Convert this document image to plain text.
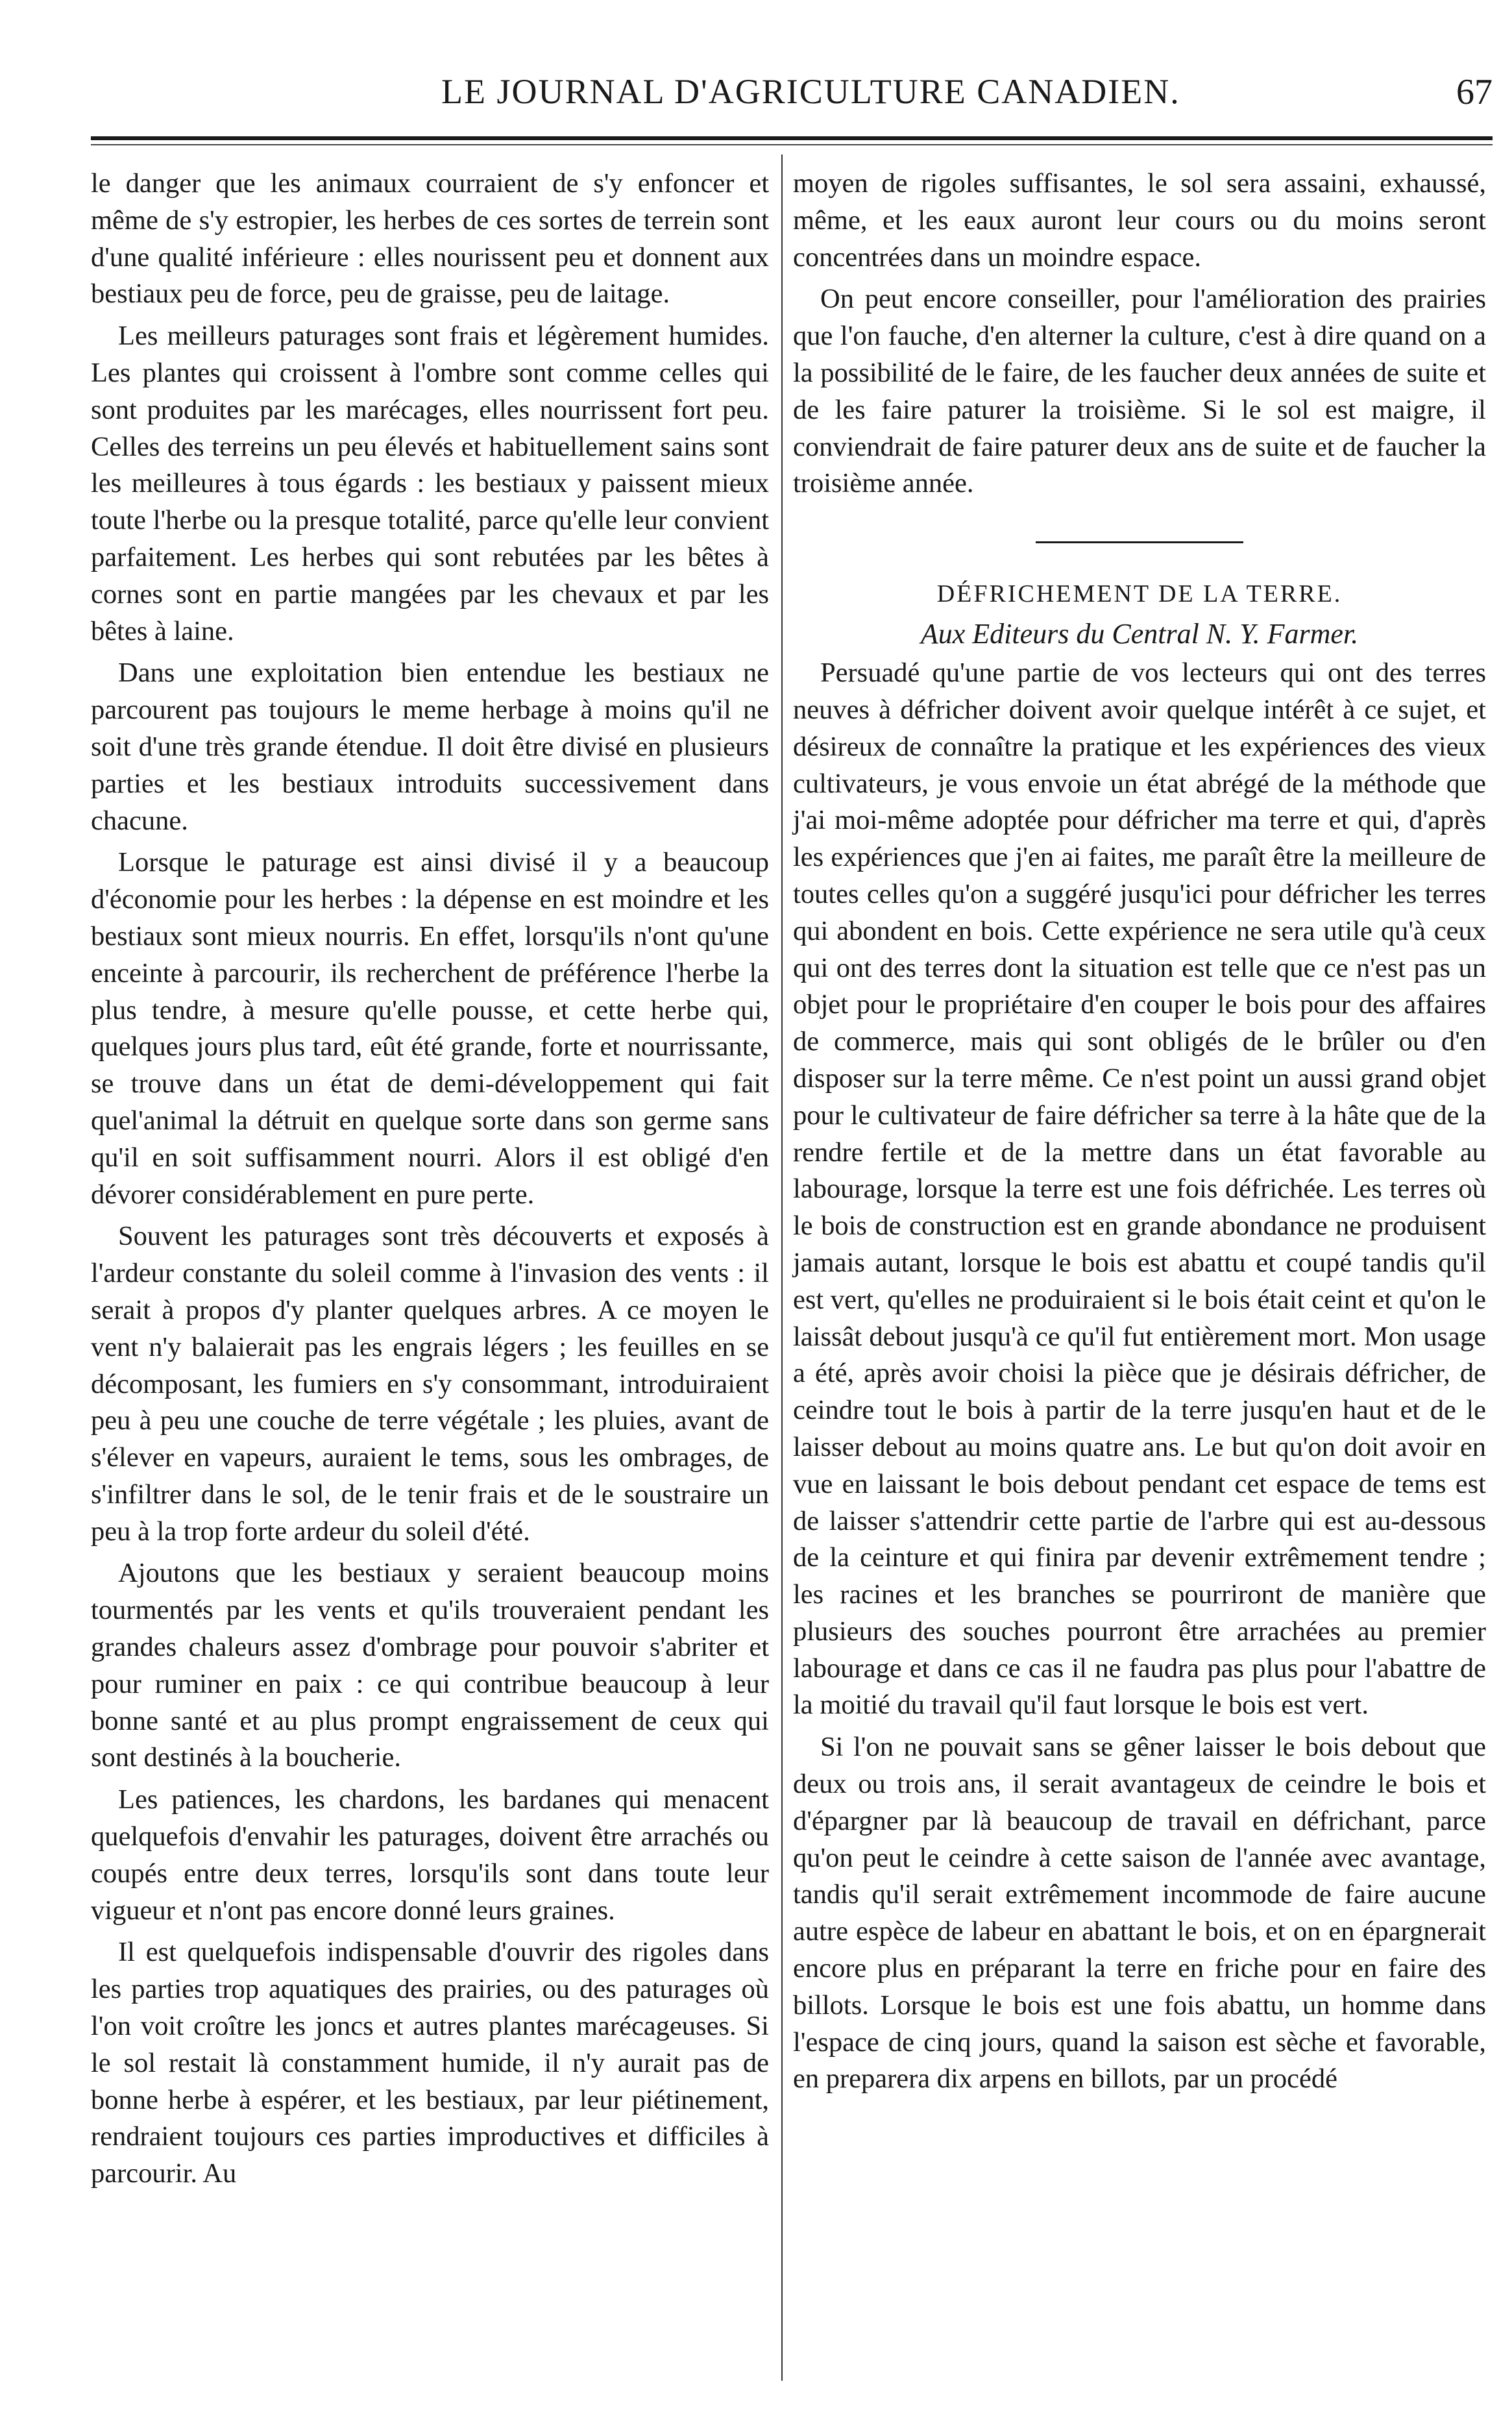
LE JOURNAL D'AGRICULTURE CANADIEN.	67

le danger que les animaux courraient de s'y enfoncer et même de s'y estropier, les herbes de ces sortes de terrein sont d'une qualité inférieure : elles nourissent peu et donnent aux bestiaux peu de force, peu de graisse, peu de laitage.

Les meilleurs paturages sont frais et légèrement humides. Les plantes qui croissent à l'ombre sont comme celles qui sont produites par les marécages, elles nourrissent fort peu. Celles des terreins un peu élevés et habituellement sains sont les meilleures à tous égards : les bestiaux y paissent mieux toute l'herbe ou la presque totalité, parce qu'elle leur convient parfaitement. Les herbes qui sont rebutées par les bêtes à cornes sont en partie mangées par les chevaux et par les bêtes à laine.

Dans une exploitation bien entendue les bestiaux ne parcourent pas toujours le meme herbage à moins qu'il ne soit d'une très grande étendue. Il doit être divisé en plusieurs parties et les bestiaux introduits successivement dans chacune.

Lorsque le paturage est ainsi divisé il y a beaucoup d'économie pour les herbes : la dépense en est moindre et les bestiaux sont mieux nourris. En effet, lorsqu'ils n'ont qu'une enceinte à parcourir, ils recherchent de préférence l'herbe la plus tendre, à mesure qu'elle pousse, et cette herbe qui, quelques jours plus tard, eût été grande, forte et nourrissante, se trouve dans un état de demi-développement qui fait quel'animal la détruit en quelque sorte dans son germe sans qu'il en soit suffisamment nourri. Alors il est obligé d'en dévorer considérablement en pure perte.

Souvent les paturages sont très découverts et exposés à l'ardeur constante du soleil comme à l'invasion des vents : il serait à propos d'y planter quelques arbres. A ce moyen le vent n'y balaierait pas les engrais légers ; les feuilles en se décomposant, les fumiers en s'y consommant, introduiraient peu à peu une couche de terre végétale ; les pluies, avant de s'élever en vapeurs, auraient le tems, sous les ombrages, de s'infiltrer dans le sol, de le tenir frais et de le soustraire un peu à la trop forte ardeur du soleil d'été.

Ajoutons que les bestiaux y seraient beaucoup moins tourmentés par les vents et qu'ils trouveraient pendant les grandes chaleurs assez d'ombrage pour pouvoir s'abriter et pour ruminer en paix : ce qui contribue beaucoup à leur bonne santé et au plus prompt engraissement de ceux qui sont destinés à la boucherie.

Les patiences, les chardons, les bardanes qui menacent quelquefois d'envahir les paturages, doivent être arrachés ou coupés entre deux terres, lorsqu'ils sont dans toute leur vigueur et n'ont pas encore donné leurs graines.

Il est quelquefois indispensable d'ouvrir des rigoles dans les parties trop aquatiques des prairies, ou des paturages où l'on voit croître les joncs et autres plantes marécageuses. Si le sol restait là constamment humide, il n'y aurait pas de bonne herbe à espérer, et les bestiaux, par leur piétinement, rendraient toujours ces parties improductives et difficiles à parcourir. Au

moyen de rigoles suffisantes, le sol sera assaini, exhaussé, même, et les eaux auront leur cours ou du moins seront concentrées dans un moindre espace.

On peut encore conseiller, pour l'amélioration des prairies que l'on fauche, d'en alterner la culture, c'est à dire quand on a la possibilité de le faire, de les faucher deux années de suite et de les faire paturer la troisième. Si le sol est maigre, il conviendrait de faire paturer deux ans de suite et de faucher la troisième année.

DÉFRICHEMENT DE LA TERRE.
Aux Editeurs du Central N. Y. Farmer.

Persuadé qu'une partie de vos lecteurs qui ont des terres neuves à défricher doivent avoir quelque intérêt à ce sujet, et désireux de connaître la pratique et les expériences des vieux cultivateurs, je vous envoie un état abrégé de la méthode que j'ai moi-même adoptée pour défricher ma terre et qui, d'après les expériences que j'en ai faites, me paraît être la meilleure de toutes celles qu'on a suggéré jusqu'ici pour défricher les terres qui abondent en bois. Cette expérience ne sera utile qu'à ceux qui ont des terres dont la situation est telle que ce n'est pas un objet pour le propriétaire d'en couper le bois pour des affaires de commerce, mais qui sont obligés de le brûler ou d'en disposer sur la terre même. Ce n'est point un aussi grand objet pour le cultivateur de faire défricher sa terre à la hâte que de la rendre fertile et de la mettre dans un état favorable au labourage, lorsque la terre est une fois défrichée. Les terres où le bois de construction est en grande abondance ne produisent jamais autant, lorsque le bois est abattu et coupé tandis qu'il est vert, qu'elles ne produiraient si le bois était ceint et qu'on le laissât debout jusqu'à ce qu'il fut entièrement mort. Mon usage a été, après avoir choisi la pièce que je désirais défricher, de ceindre tout le bois à partir de la terre jusqu'en haut et de le laisser debout au moins quatre ans. Le but qu'on doit avoir en vue en laissant le bois debout pendant cet espace de tems est de laisser s'attendrir cette partie de l'arbre qui est au-dessous de la ceinture et qui finira par devenir extrêmement tendre ; les racines et les branches se pourriront de manière que plusieurs des souches pourront être arrachées au premier labourage et dans ce cas il ne faudra pas plus pour l'abattre de la moitié du travail qu'il faut lorsque le bois est vert.

Si l'on ne pouvait sans se gêner laisser le bois debout que deux ou trois ans, il serait avantageux de ceindre le bois et d'épargner par là beaucoup de travail en défrichant, parce qu'on peut le ceindre à cette saison de l'année avec avantage, tandis qu'il serait extrêmement incommode de faire aucune autre espèce de labeur en abattant le bois, et on en épargnerait encore plus en préparant la terre en friche pour en faire des billots. Lorsque le bois est une fois abattu, un homme dans l'espace de cinq jours, quand la saison est sèche et favorable, en preparera dix arpens en billots, par un procédé
